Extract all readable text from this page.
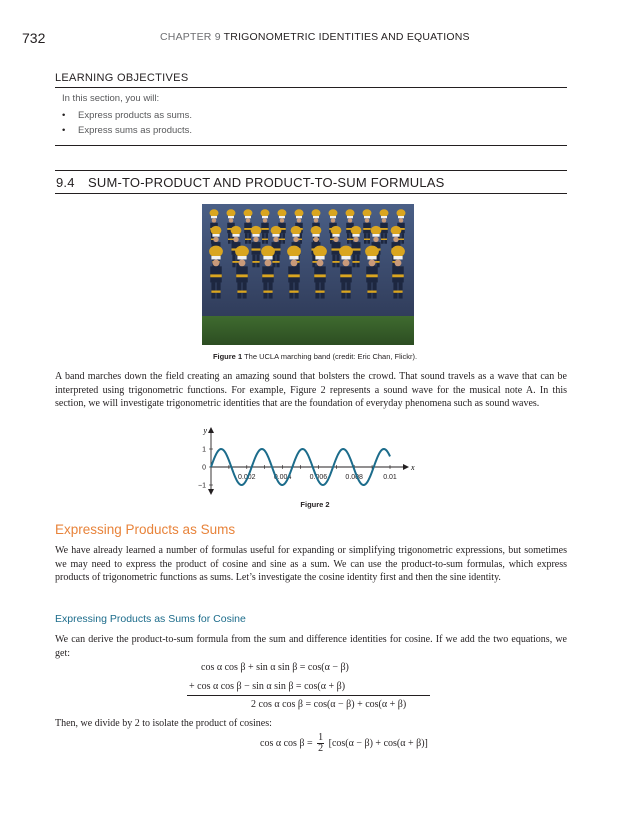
732	CHAPTER 9 TRIGONOMETRIC IDENTITIES AND EQUATIONS
LEARNING OBJECTIVES
In this section, you will:
• Express products as sums.
• Express sums as products.
9.4 SUM-TO-PRODUCT AND PRODUCT-TO-SUM FORMULAS
Figure 1 The UCLA marching band (credit: Eric Chan, Flickr).
A band marches down the field creating an amazing sound that bolsters the crowd. That sound travels as a wave that can be interpreted using trigonometric functions. For example, Figure 2 represents a sound wave for the musical note A. In this section, we will investigate trigonometric identities that are the foundation of everyday phenomena such as sound waves.
0.002	0.004	0.006	0.008	0.01
1
0
−1
x
y
Figure 2
Expressing Products as Sums
We have already learned a number of formulas useful for expanding or simplifying trigonometric expressions, but sometimes we may need to express the product of cosine and sine as a sum. We can use the product-to-sum formulas, which express products of trigonometric functions as sums. Let’s investigate the cosine identity first and then the sine identity.
Expressing Products as Sums for Cosine
We can derive the product-to-sum formula from the sum and difference identities for cosine. If we add the two equations, we get:
cos α cos β + sin α sin β = cos(α − β)
+ cos α cos β − sin α sin β = cos(α + β)
2 cos α cos β = cos(α − β) + cos(α + β)
Then, we divide by 2 to isolate the product of cosines:
cos α $\cos \beta = \frac{1}{2} [\cos(\alpha - \beta) + \cos(\alpha + \beta)]$
